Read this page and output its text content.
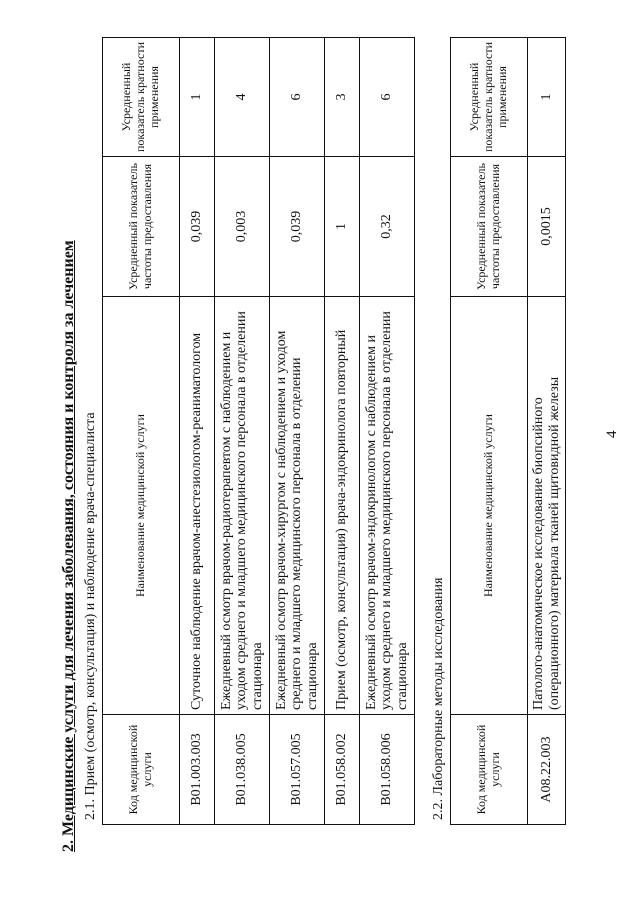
4
2. Медицинские услуги для лечения заболевания, состояния и контроля за лечением 2.1. Прием (осмотр, консультация) и наблюдение врача-специалиста Код медицинской услуги	Наименование медицинской услуги	Усредненный показатель частоты предоставления	Усредненный показатель кратности применения
B01.003.003	Суточное наблюдение врачом-анестезиологом-реаниматологом	0,039	1
B01.038.005	Ежедневный осмотр врачом-радиотерапевтом с наблюдением и уходом среднего и младшего медицинского персонала в отделении стационара	0,003	4
B01.057.005	Ежедневный осмотр врачом-хирургом с наблюдением и уходом среднего и младшего медицинского персонала в отделении стационара	0,039	6
B01.058.002	Прием (осмотр, консультация) врача-эндокринолога повторный	1	3
B01.058.006	Ежедневный осмотр врачом-эндокринологом с наблюдением и уходом среднего и младшего медицинского персонала в отделении стационара	0,32	6
2.2. Лабораторные методы исследования Код медицинской услуги	Наименование медицинской услуги	Усредненный показатель частоты предоставления	Усредненный показатель кратности применения
A08.22.003	Патолого-анатомическое исследование биопсийного (операционного) материала тканей щитовидной железы	0,0015	1
